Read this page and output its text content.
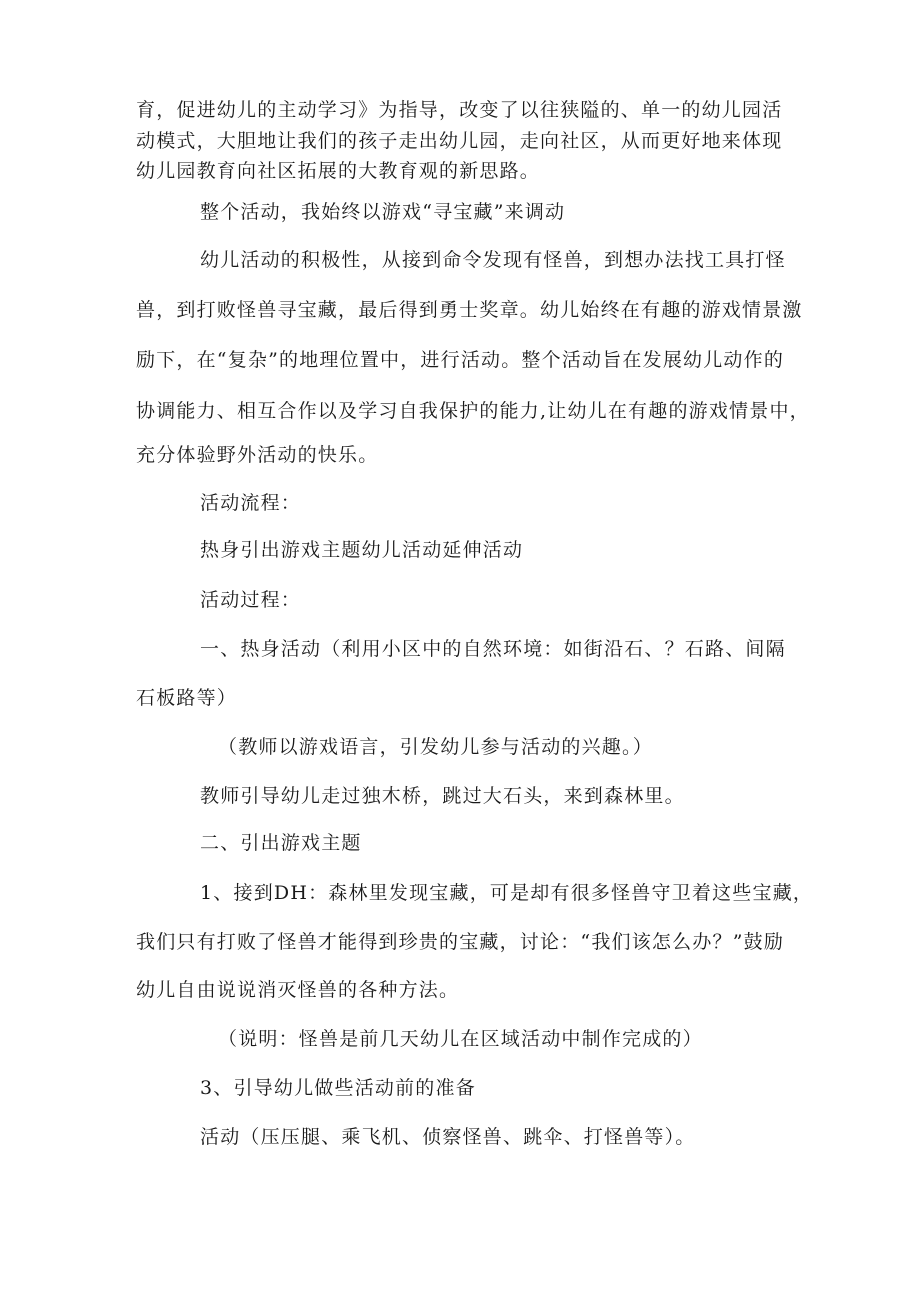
育，促进幼儿的主动学习》为指导，改变了以往狭隘的、单一的幼儿园活
动模式，大胆地让我们的孩子走出幼儿园，走向社区，从而更好地来体现
幼儿园教育向社区拓展的大教育观的新思路。
整个活动，我始终以游戏“寻宝藏”来调动
幼儿活动的积极性，从接到命令发现有怪兽，到想办法找工具打怪
兽，到打败怪兽寻宝藏，最后得到勇士奖章。幼儿始终在有趣的游戏情景激
励下，在“复杂”的地理位置中，进行活动。整个活动旨在发展幼儿动作的
协调能力、相互合作以及学习自我保护的能力,让幼儿在有趣的游戏情景中，
充分体验野外活动的快乐。
活动流程：
热身引出游戏主题幼儿活动延伸活动
活动过程：
一、热身活动（利用小区中的自然环境：如街沿石、？石路、间隔
石板路等）
（教师以游戏语言，引发幼儿参与活动的兴趣。）
教师引导幼儿走过独木桥，跳过大石头，来到森林里。
二、引出游戏主题
1、接到DH：森林里发现宝藏，可是却有很多怪兽守卫着这些宝藏，
我们只有打败了怪兽才能得到珍贵的宝藏，讨论：“我们该怎么办？”鼓励
幼儿自由说说消灭怪兽的各种方法。
（说明：怪兽是前几天幼儿在区域活动中制作完成的）
3、引导幼儿做些活动前的准备
活动（压压腿、乘飞机、侦察怪兽、跳伞、打怪兽等）。
